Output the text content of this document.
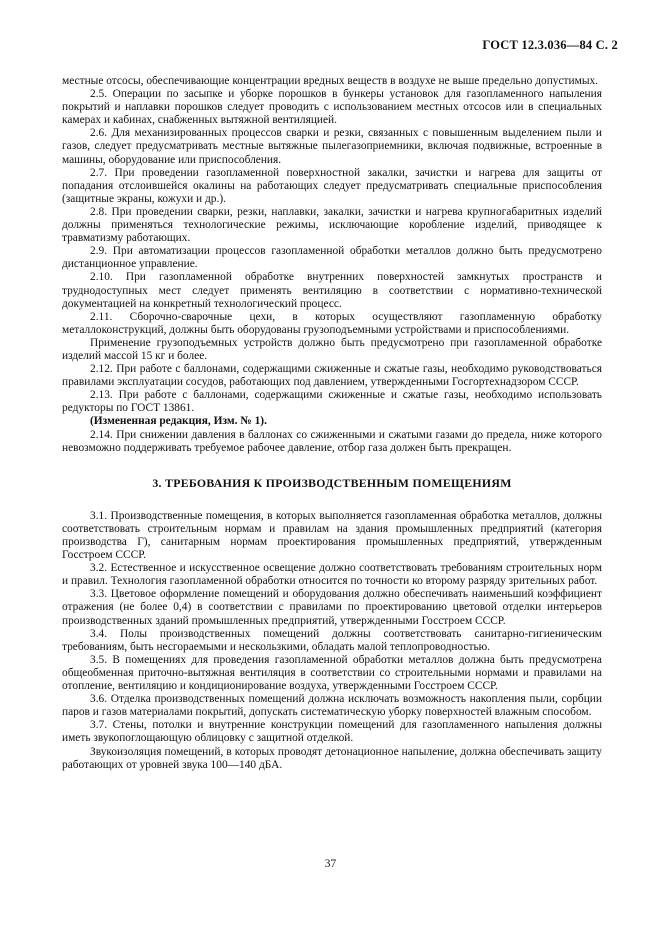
ГОСТ 12.3.036—84 С. 2

местные отсосы, обеспечивающие концентрации вредных веществ в воздухе не выше предельно допустимых.

2.5. Операции по засыпке и уборке порошков в бункеры установок для газопламенного напыления покрытий и наплавки порошков следует проводить с использованием местных отсосов или в специальных камерах и кабинах, снабженных вытяжной вентиляцией.

2.6. Для механизированных процессов сварки и резки, связанных с повышенным выделением пыли и газов, следует предусматривать местные вытяжные пылегазоприемники, включая подвижные, встроенные в машины, оборудование или приспособления.

2.7. При проведении газопламенной поверхностной закалки, зачистки и нагрева для защиты от попадания отслоившейся окалины на работающих следует предусматривать специальные приспособления (защитные экраны, кожухи и др.).

2.8. При проведении сварки, резки, наплавки, закалки, зачистки и нагрева крупногабаритных изделий должны применяться технологические режимы, исключающие коробление изделий, приводящее к травматизму работающих.

2.9. При автоматизации процессов газопламенной обработки металлов должно быть предусмотрено дистанционное управление.

2.10. При газопламенной обработке внутренних поверхностей замкнутых пространств и труднодоступных мест следует применять вентиляцию в соответствии с нормативно-технической документацией на конкретный технологический процесс.

2.11. Сборочно-сварочные цехи, в которых осуществляют газопламенную обработку металлоконструкций, должны быть оборудованы грузоподъемными устройствами и приспособлениями.

Применение грузоподъемных устройств должно быть предусмотрено при газопламенной обработке изделий массой 15 кг и более.

2.12. При работе с баллонами, содержащими сжиженные и сжатые газы, необходимо руководствоваться правилами эксплуатации сосудов, работающих под давлением, утвержденными Госгортехнадзором СССР.

2.13. При работе с баллонами, содержащими сжиженные и сжатые газы, необходимо использовать редукторы по ГОСТ 13861.

(Измененная редакция, Изм. № 1).

2.14. При снижении давления в баллонах со сжиженными и сжатыми газами до предела, ниже которого невозможно поддерживать требуемое рабочее давление, отбор газа должен быть прекращен.

3. ТРЕБОВАНИЯ К ПРОИЗВОДСТВЕННЫМ ПОМЕЩЕНИЯМ

3.1. Производственные помещения, в которых выполняется газопламенная обработка металлов, должны соответствовать строительным нормам и правилам на здания промышленных предприятий (категория производства Г), санитарным нормам проектирования промышленных предприятий, утвержденным Госстроем СССР.

3.2. Естественное и искусственное освещение должно соответствовать требованиям строительных норм и правил. Технология газопламенной обработки относится по точности ко второму разряду зрительных работ.

3.3. Цветовое оформление помещений и оборудования должно обеспечивать наименьший коэффициент отражения (не более 0,4) в соответствии с правилами по проектированию цветовой отделки интерьеров производственных зданий промышленных предприятий, утвержденными Госстроем СССР.

3.4. Полы производственных помещений должны соответствовать санитарно-гигиеническим требованиям, быть несгораемыми и нескользкими, обладать малой теплопроводностью.

3.5. В помещениях для проведения газопламенной обработки металлов должна быть предусмотрена общеобменная приточно-вытяжная вентиляция в соответствии со строительными нормами и правилами на отопление, вентиляцию и кондиционирование воздуха, утвержденными Госстроем СССР.

3.6. Отделка производственных помещений должна исключать возможность накопления пыли, сорбции паров и газов материалами покрытий, допускать систематическую уборку поверхностей влажным способом.

3.7. Стены, потолки и внутренние конструкции помещений для газопламенного напыления должны иметь звукопоглощающую облицовку с защитной отделкой.

Звукоизоляция помещений, в которых проводят детонационное напыление, должна обеспечивать защиту работающих от уровней звука 100—140 дБА.

37
